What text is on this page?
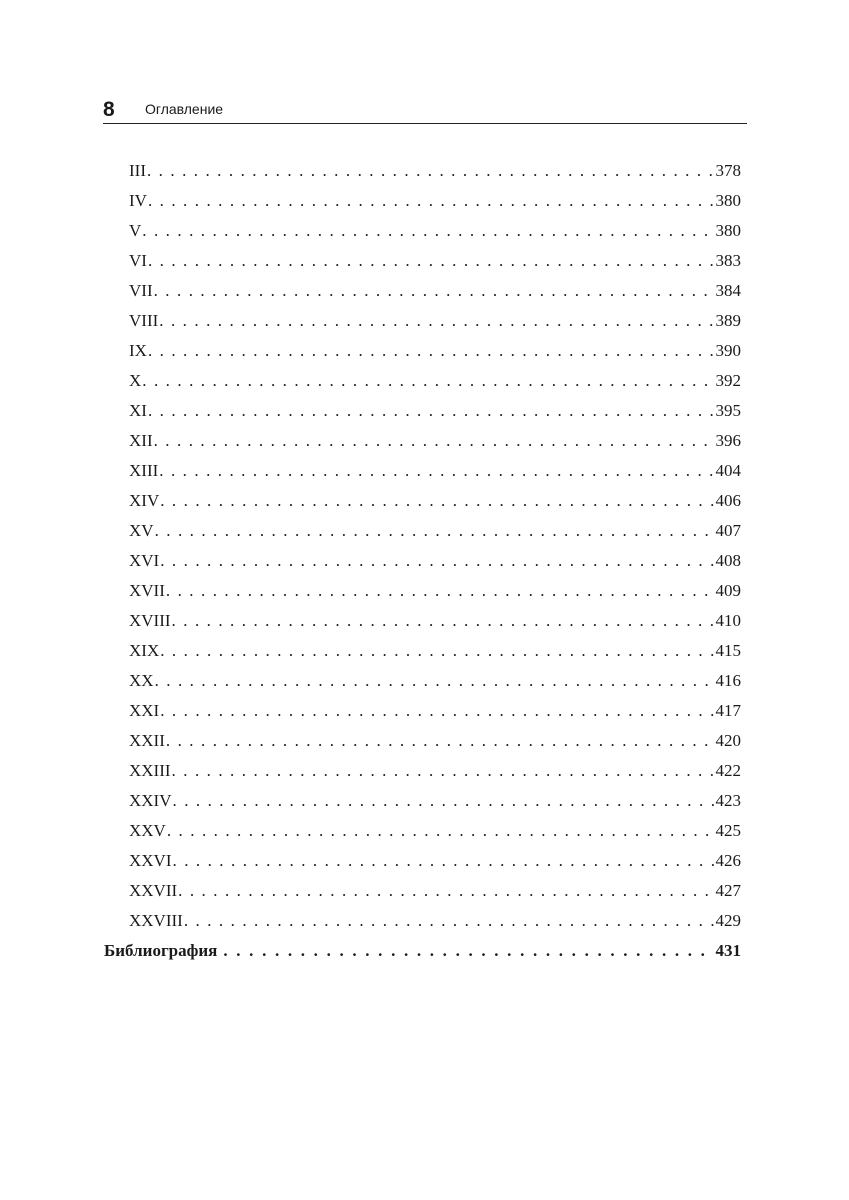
8 Оглавление
III . . .	378
IV . . .	380
V . . .	380
VI . . .	383
VII . . .	384
VIII . . .	389
IX . . .	390
X . . .	392
XI . . .	395
XII . . .	396
XIII . . .	404
XIV . . .	406
XV . . .	407
XVI . . .	408
XVII . . .	409
XVIII . . .	410
XIX . . .	415
XX . . .	416
XXI . . .	417
XXII . . .	420
XXIII . . .	422
XXIV . . .	423
XXV . . .	425
XXVI . . .	426
XXVII . . .	427
XXVIII . . .	429
Библиография . . .	431
